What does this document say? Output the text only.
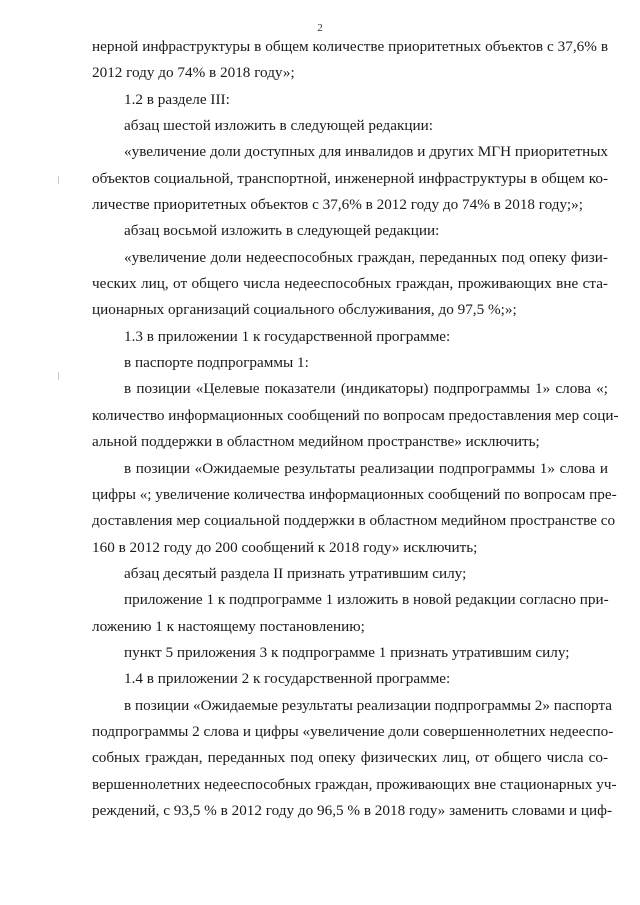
2
нерной инфраструктуры в общем количестве приоритетных объектов с 37,6% в
2012 году до 74% в 2018 году»;
1.2 в разделе III:
абзац шестой изложить в следующей редакции:
«увеличение доли доступных для инвалидов и других МГН приоритетных
объектов социальной, транспортной, инженерной инфраструктуры в общем ко-
личестве приоритетных объектов с 37,6% в 2012 году до 74% в 2018 году;»;
абзац восьмой изложить в следующей редакции:
«увеличение доли недееспособных граждан, переданных под опеку физи-
ческих лиц, от общего числа недееспособных граждан, проживающих вне ста-
ционарных организаций социального обслуживания, до 97,5 %;»;
1.3 в приложении 1 к государственной программе:
в паспорте подпрограммы 1:
в позиции «Целевые показатели (индикаторы) подпрограммы 1» слова «;
количество информационных сообщений по вопросам предоставления мер соци-
альной поддержки в областном медийном пространстве» исключить;
в позиции «Ожидаемые результаты реализации подпрограммы 1» слова и
цифры «; увеличение количества информационных сообщений по вопросам пре-
доставления мер социальной поддержки в областном медийном пространстве со
160 в 2012 году до 200 сообщений к 2018 году» исключить;
абзац десятый раздела II признать утратившим силу;
приложение 1 к подпрограмме 1 изложить в новой редакции согласно при-
ложению 1 к настоящему постановлению;
пункт 5 приложения 3 к подпрограмме 1 признать утратившим силу;
1.4 в приложении 2 к государственной программе:
в позиции «Ожидаемые результаты реализации подпрограммы 2» паспорта
подпрограммы 2 слова и цифры «увеличение доли совершеннолетних недееспо-
собных граждан, переданных под опеку физических лиц, от общего числа со-
вершеннолетних недееспособных граждан, проживающих вне стационарных уч-
реждений, с 93,5 % в 2012 году до 96,5 % в 2018 году» заменить словами и циф-
